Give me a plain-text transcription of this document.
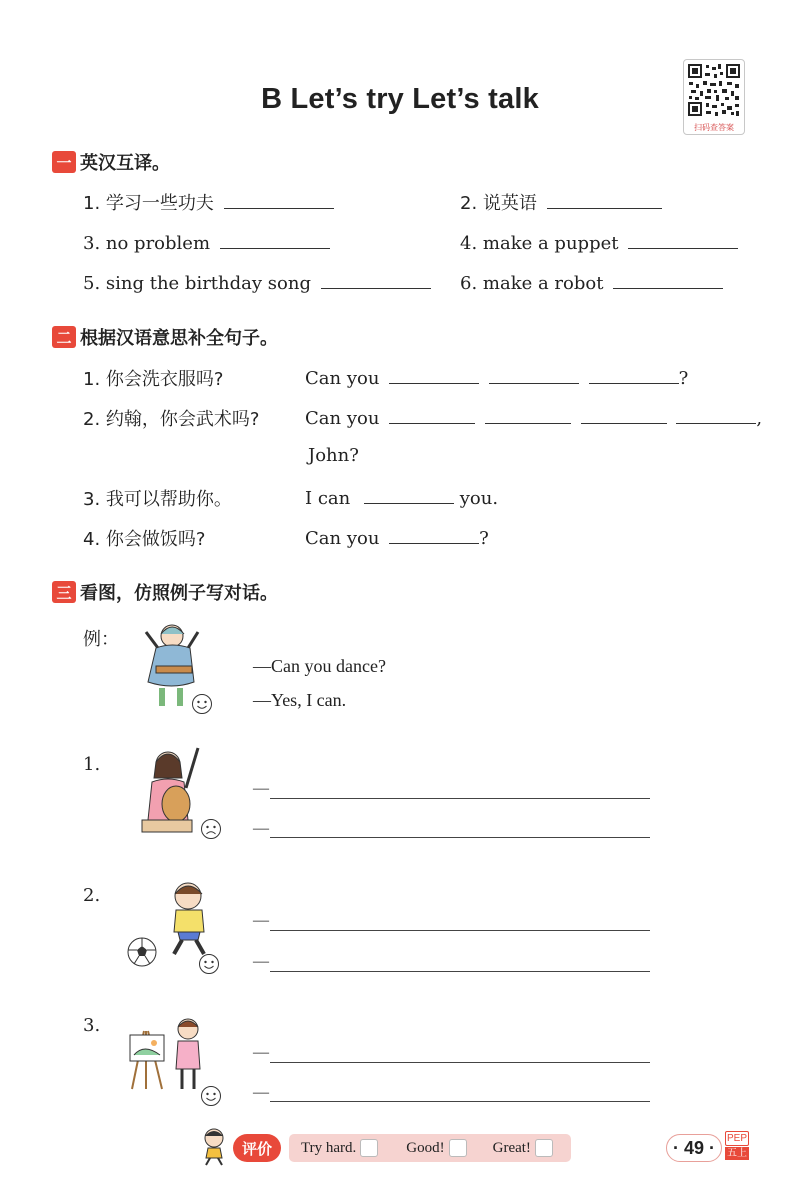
B Let’s try Let’s talk
扫码查答案
一 英汉互译。
1. 学习一些功夫	2. 说英语
3. no problem	4. make a puppet
5. sing the birthday song	6. make a robot
二 根据汉语意思补全句子。
1. 你会洗衣服吗?	Can you	?
2. 约翰，你会武术吗?	Can you	,
John?
3. 我可以帮助你。	I can	you.
4. 你会做饭吗?	Can you	?
三 看图，仿照例子写对话。
例：
—Can you dance?
—Yes, I can.
1.
—
—
2.
—
—
3.
—
—
评价	Try hard.	Good!	Great!	· 49 ·	PEP
五上
